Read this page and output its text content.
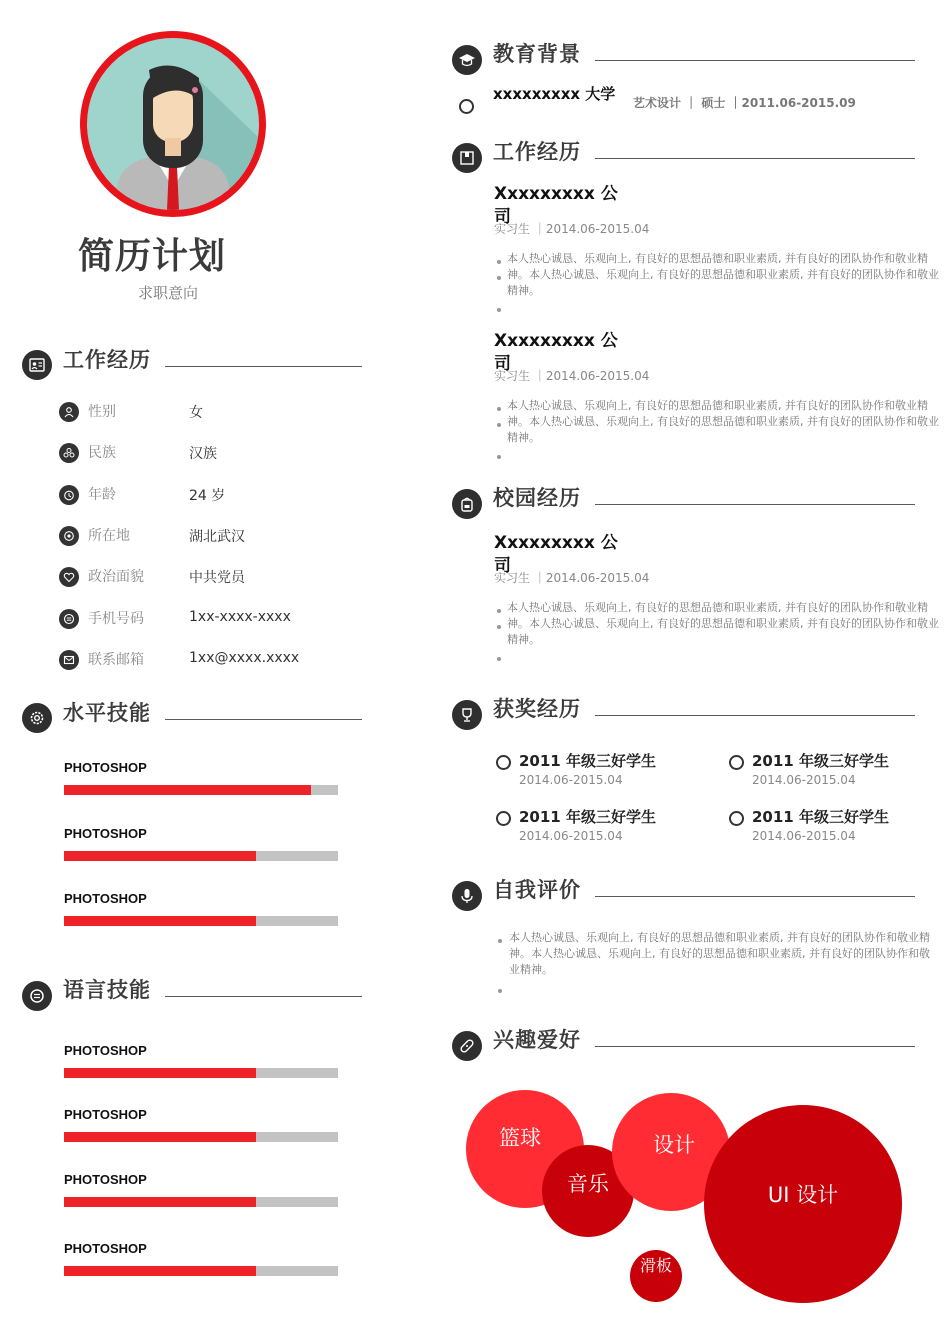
简历计划
求职意向
工作经历
性别	女
民族	汉族
年龄	24 岁
所在地	湖北武汉
政治面貌	中共党员
手机号码	1xx-xxxx-xxxx
联系邮箱	1xx@xxxx.xxxx
水平技能
PHOTOSHOP
PHOTOSHOP
PHOTOSHOP
语言技能
PHOTOSHOP
PHOTOSHOP
PHOTOSHOP
PHOTOSHOP
教育背景
xxxxxxxxx 大学 艺术设计 ｜ 硕士 ｜2011.06-2015.09
工作经历
Xxxxxxxxx 公司
实习生 ｜2014.06-2015.04
本人热心诚恳、乐观向上, 有良好的思想品德和职业素质, 并有良好的团队协作和敬业精神。本人热心诚恳、乐观向上, 有良好的思想品德和职业素质, 并有良好的团队协作和敬业精神。
Xxxxxxxxx 公司
实习生 ｜2014.06-2015.04
本人热心诚恳、乐观向上, 有良好的思想品德和职业素质, 并有良好的团队协作和敬业精神。本人热心诚恳、乐观向上, 有良好的思想品德和职业素质, 并有良好的团队协作和敬业精神。
校园经历
Xxxxxxxxx 公司
实习生 ｜2014.06-2015.04
本人热心诚恳、乐观向上, 有良好的思想品德和职业素质, 并有良好的团队协作和敬业精神。本人热心诚恳、乐观向上, 有良好的思想品德和职业素质, 并有良好的团队协作和敬业精神。
获奖经历
2011 年级三好学生
2014.06-2015.04
2011 年级三好学生
2014.06-2015.04
2011 年级三好学生
2014.06-2015.04
2011 年级三好学生
2014.06-2015.04
自我评价
本人热心诚恳、乐观向上, 有良好的思想品德和职业素质, 并有良好的团队协作和敬业精神。本人热心诚恳、乐观向上, 有良好的思想品德和职业素质, 并有良好的团队协作和敬业精神。
兴趣爱好
篮球
音乐
设计
UI 设计
滑板
